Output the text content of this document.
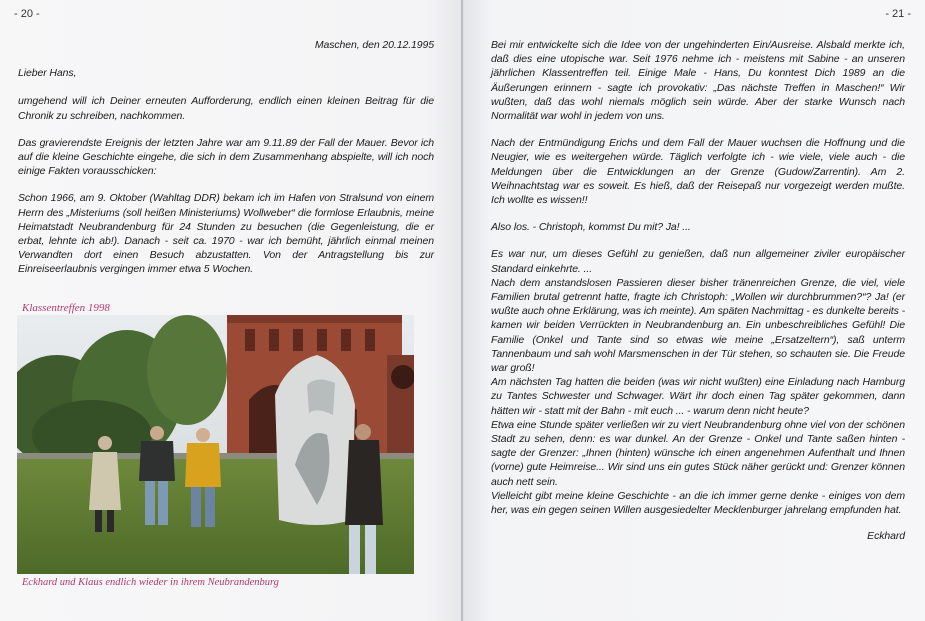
- 20 -

Maschen, den 20.12.1995

Lieber Hans,

umgehend will ich Deiner erneuten Aufforderung, endlich einen kleinen Beitrag für die Chronik zu schreiben, nachkommen.

Das gravierendste Ereignis der letzten Jahre war am 9.11.89 der Fall der Mauer. Bevor ich auf die kleine Geschichte eingehe, die sich in dem Zusammenhang abspielte, will ich noch einige Fakten vorausschicken:

Schon 1966, am 9. Oktober (Wahltag DDR) bekam ich im Hafen von Stralsund von einem Herrn des „Misteriums (soll heißen Ministeriums) Wollweber“ die formlose Erlaubnis, meine Heimatstadt Neubrandenburg für 24 Stunden zu besuchen (die Gegenleistung, die er erbat, lehnte ich ab!). Danach - seit ca. 1970 - war ich bemüht, jährlich einmal meinen Verwandten dort einen Besuch abzustatten. Von der Antragstellung bis zur Einreiseerlaubnis vergingen immer etwa 5 Wochen.

Klassentreffen 1998
Eckhard und Klaus endlich wieder in ihrem Neubrandenburg
- 21 -

Bei mir entwickelte sich die Idee von der ungehinderten Ein/Ausreise. Alsbald merkte ich, daß dies eine utopische war. Seit 1976 nehme ich - meistens mit Sabine - an unseren jährlichen Klassentreffen teil. Einige Male - Hans, Du konntest Dich 1989 an die Äußerungen erinnern - sagte ich provokativ: „Das nächste Treffen in Maschen!“ Wir wußten, daß das wohl niemals möglich sein würde. Aber der starke Wunsch nach Normalität war wohl in jedem von uns.

Nach der Entmündigung Erichs und dem Fall der Mauer wuchsen die Hoffnung und die Neugier, wie es weitergehen würde. Täglich verfolgte ich - wie viele, viele auch - die Meldungen über die Entwicklungen an der Grenze (Gudow/Zarrentin). Am 2. Weihnachtstag war es soweit. Es hieß, daß der Reisepaß nur vorgezeigt werden mußte. Ich wollte es wissen!!

Also los. - Christoph, kommst Du mit? Ja! ...

Es war nur, um dieses Gefühl zu genießen, daß nun allgemeiner ziviler europäischer Standard einkehrte. ...

Nach dem anstandslosen Passieren dieser bisher tränenreichen Grenze, die viel, viele Familien brutal getrennt hatte, fragte ich Christoph: „Wollen wir durchbrummen?“? Ja! (er wußte auch ohne Erklärung, was ich meinte). Am späten Nachmittag - es dunkelte bereits - kamen wir beiden Verrückten in Neubrandenburg an. Ein unbeschreibliches Gefühl! Die Familie (Onkel und Tante sind so etwas wie meine „Ersatzeltern“), saß unterm Tannenbaum und sah wohl Marsmenschen in der Tür stehen, so schauten sie. Die Freude war groß!

Am nächsten Tag hatten die beiden (was wir nicht wußten) eine Einladung nach Hamburg zu Tantes Schwester und Schwager. Wärt ihr doch einen Tag später gekommen, dann hätten wir - statt mit der Bahn - mit euch ... - warum denn nicht heute?

Etwa eine Stunde später verließen wir zu viert Neubrandenburg ohne viel von der schönen Stadt zu sehen, denn: es war dunkel. An der Grenze - Onkel und Tante saßen hinten - sagte der Grenzer: „Ihnen (hinten) wünsche ich einen angenehmen Aufenthalt und Ihnen (vorne) gute Heimreise... Wir sind uns ein gutes Stück näher gerückt und: Grenzer können auch nett sein.

Vielleicht gibt meine kleine Geschichte - an die ich immer gerne denke - einiges von dem her, was ein gegen seinen Willen ausgesiedelter Mecklenburger jahrelang empfunden hat.

Eckhard
